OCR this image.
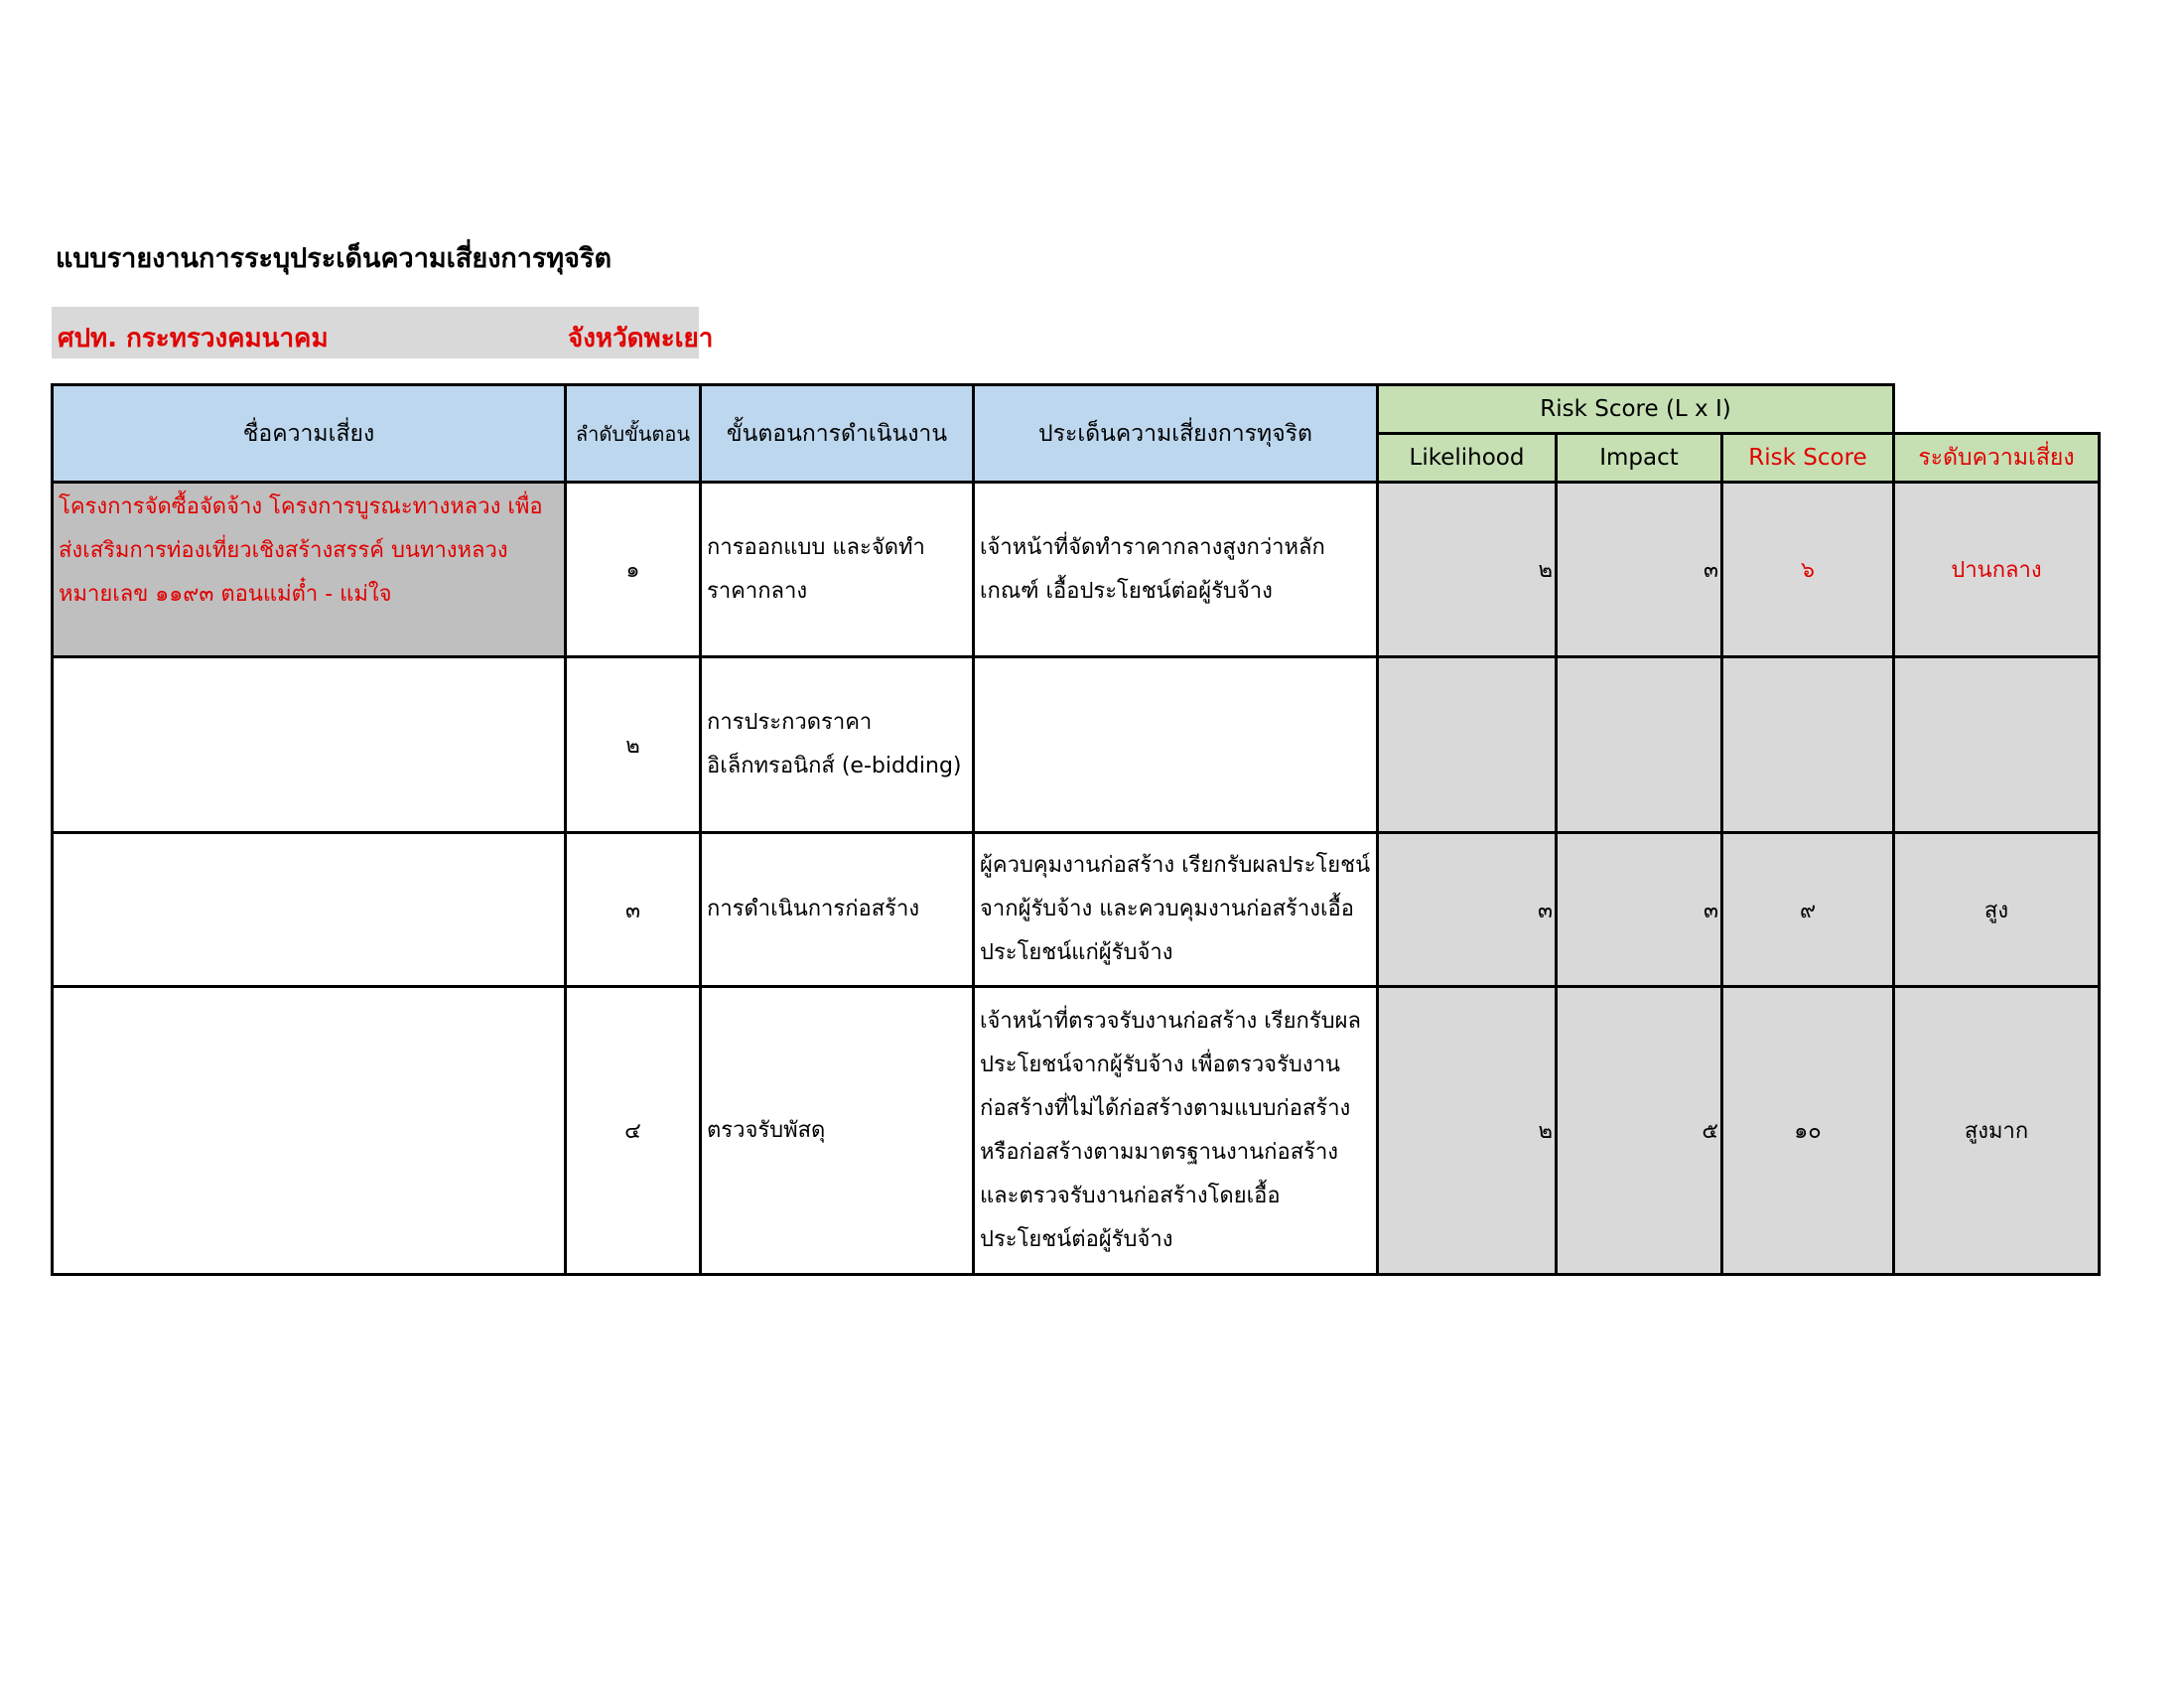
แบบรายงานการระบุประเด็นความเสี่ยงการทุจริต
ศปท. กระทรวงคมนาคม	จังหวัดพะเยา
ชื่อความเสี่ยง	ลำดับขั้นตอน	ขั้นตอนการดำเนินงาน	ประเด็นความเสี่ยงการทุจริต	Risk Score (L x I)			
				Likelihood	Impact	Risk Score	ระดับความเสี่ยง
โครงการจัดซื้อจัดจ้าง โครงการบูรณะทางหลวง เพื่อส่งเสริมการท่องเที่ยวเชิงสร้างสรรค์ บนทางหลวงหมายเลข ๑๑๙๓ ตอนแม่ต๋ำ - แม่ใจ	๑	การออกแบบ และจัดทำราคากลาง	เจ้าหน้าที่จัดทำราคากลางสูงกว่าหลักเกณฑ์ เอื้อประโยชน์ต่อผู้รับจ้าง	๒	๓	๖	ปานกลาง
	๒	การประกวดราคาอิเล็กทรอนิกส์ (e-bidding)					
	๓	การดำเนินการก่อสร้าง	ผู้ควบคุมงานก่อสร้าง เรียกรับผลประโยชน์จากผู้รับจ้าง และควบคุมงานก่อสร้างเอื้อประโยชน์แก่ผู้รับจ้าง	๓	๓	๙	สูง
	๔	ตรวจรับพัสดุ	เจ้าหน้าที่ตรวจรับงานก่อสร้าง เรียกรับผลประโยชน์จากผู้รับจ้าง เพื่อตรวจรับงานก่อสร้างที่ไม่ได้ก่อสร้างตามแบบก่อสร้างหรือก่อสร้างตามมาตรฐานงานก่อสร้าง และตรวจรับงานก่อสร้างโดยเอื้อประโยชน์ต่อผู้รับจ้าง	๒	๕	๑๐	สูงมาก
